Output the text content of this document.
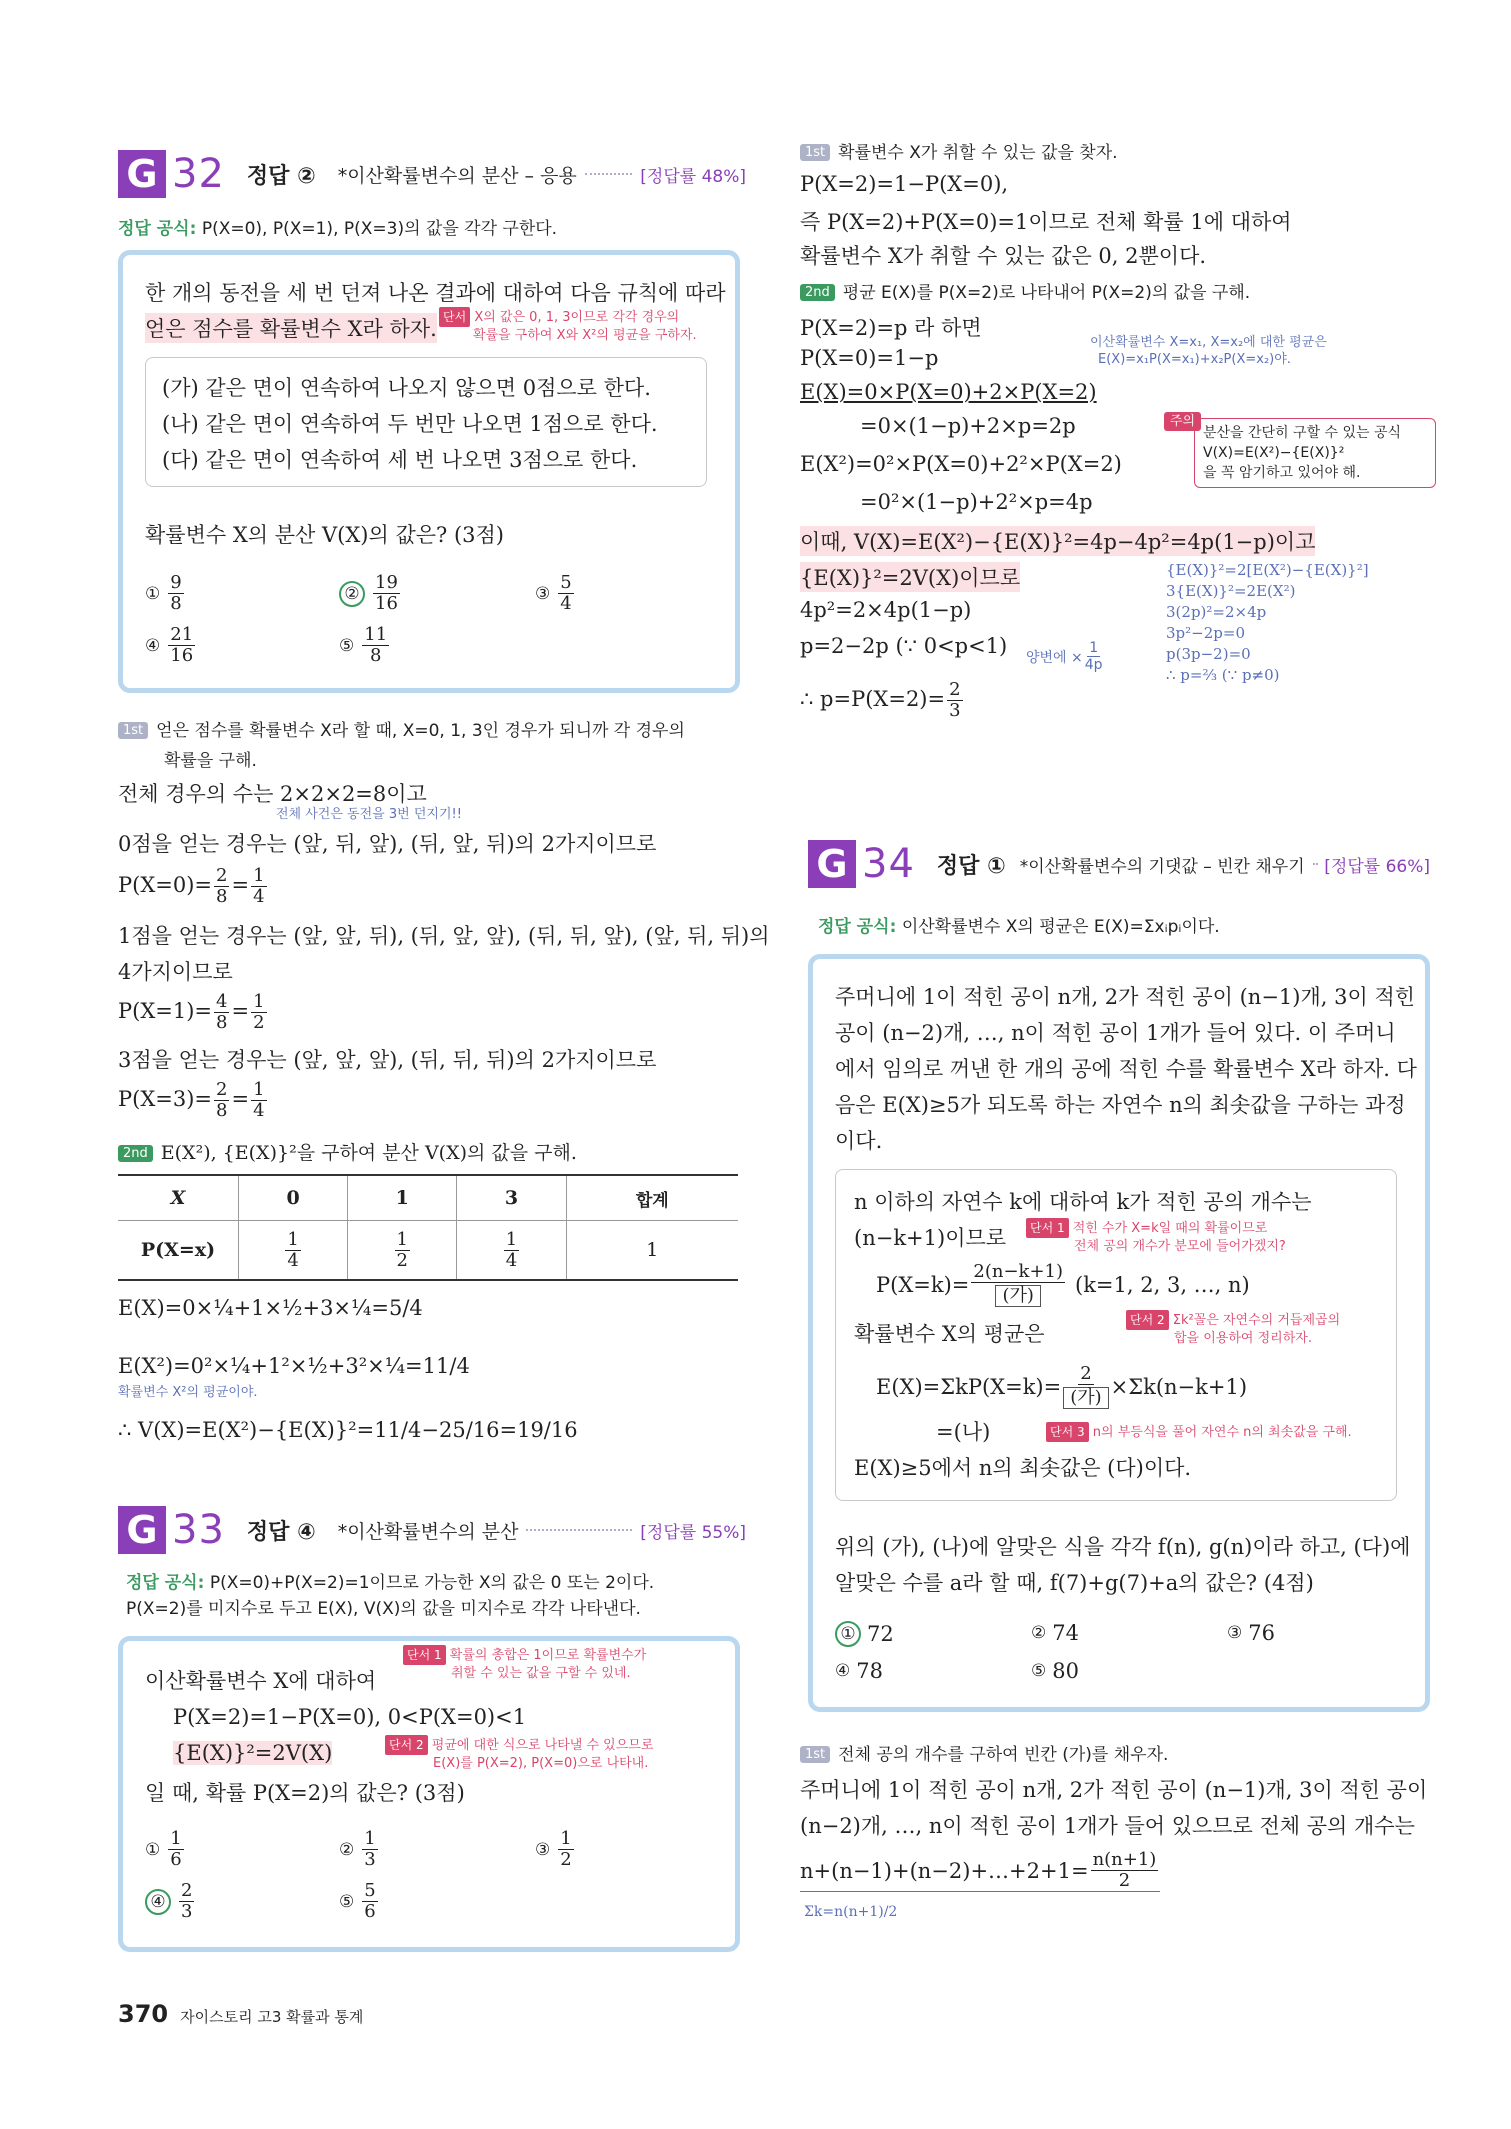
G 32 정답 ② *이산확률변수의 분산 – 응용	[정답률 48%]
정답 공식: P(X=0), P(X=1), P(X=3)의 값을 각각 구한다.
한 개의 동전을 세 번 던져 나온 결과에 대하여 다음 규칙에 따라
얻은 점수를 확률변수 X라 하자. 단서 X의 값은 0, 1, 3이므로 각각 경우의
확률을 구하여 X와 X²의 평균을 구하자.
(가) 같은 면이 연속하여 나오지 않으면 0점으로 한다.
(나) 같은 면이 연속하여 두 번만 나오면 1점으로 한다.
(다) 같은 면이 연속하여 세 번 나오면 3점으로 한다.
확률변수 X의 분산 V(X)의 값은? (3점)
① $\frac{9}{8}$	② $\frac{19}{16}$	③ $\frac{5}{4}$
④ $\frac{21}{16}$	⑤ $\frac{11}{8}$
1st 얻은 점수를 확률변수 X라 할 때, X=0, 1, 3인 경우가 되니까 각 경우의
확률을 구해.
전체 경우의 수는 2×2×2=8이고
전체 사건은 동전을 3번 던지기!!
0점을 얻는 경우는 (앞, 뒤, 앞), (뒤, 앞, 뒤)의 2가지이므로
$P(X=0)= \frac{2}{8} = \frac{1}{4}$
1점을 얻는 경우는 (앞, 앞, 뒤), (뒤, 앞, 앞), (뒤, 뒤, 앞), (앞, 뒤, 뒤)의
4가지이므로
$P(X=1)= \frac{4}{8} = \frac{1}{2}$
3점을 얻는 경우는 (앞, 앞, 앞), (뒤, 뒤, 뒤)의 2가지이므로
$P(X=3)= \frac{2}{8} = \frac{1}{4}$
2nd E(X²), {E(X)}²을 구하여 분산 V(X)의 값을 구해.
X	0	1	3	합계
P(X=x)	$\frac{1}{4}$	$\frac{1}{2}$	$\frac{1}{4}$	1
E(X)=0×¼+1×½+3×¼=5/4
E(X²)=0²×¼+1²×½+3²×¼=11/4
확률변수 X²의 평균이야.
∴ V(X)=E(X²)−{E(X)}²=11/4−25/16=19/16
G 33 정답 ④ *이산확률변수의 분산	[정답률 55%]
정답 공식: P(X=0)+P(X=2)=1이므로 가능한 X의 값은 0 또는 2이다.
P(X=2)를 미지수로 두고 E(X), V(X)의 값을 미지수로 각각 나타낸다.
이산확률변수 X에 대하여
단서 1 확률의 총합은 1이므로 확률변수가
취할 수 있는 값을 구할 수 있네.
P(X=2)=1−P(X=0), 0<P(X=0)<1
{E(X)}²=2V(X)	단서 2 평균에 대한 식으로 나타낼 수 있으므로
E(X)를 P(X=2), P(X=0)으로 나타내.
일 때, 확률 P(X=2)의 값은? (3점)
① $\frac{1}{6}$	② $\frac{1}{3}$	③ $\frac{1}{2}$
④ $\frac{2}{3}$	⑤ $\frac{5}{6}$
370 자이스토리 고3 확률과 통계
1st 확률변수 X가 취할 수 있는 값을 찾자.
P(X=2)=1−P(X=0),
즉 P(X=2)+P(X=0)=1이므로 전체 확률 1에 대하여
확률변수 X가 취할 수 있는 값은 0, 2뿐이다.
2nd 평균 E(X)를 P(X=2)로 나타내어 P(X=2)의 값을 구해.
P(X=2)=p 라 하면
P(X=0)=1−p
이산확률변수 X=x₁, X=x₂에 대한 평균은
E(X)=x₁P(X=x₁)+x₂P(X=x₂)야.
E(X)=0×P(X=0)+2×P(X=2)
=0×(1−p)+2×p=2p	주의
분산을 간단히 구할 수 있는 공식
V(X)=E(X²)−{E(X)}²
을 꼭 암기하고 있어야 해.
E(X²)=0²×P(X=0)+2²×P(X=2)
=0²×(1−p)+2²×p=4p
이때, V(X)=E(X²)−{E(X)}²=4p−4p²=4p(1−p)이고
{E(X)}²=2V(X)이므로
4p²=2×4p(1−p)
p=2−2p (∵ 0<p<1) 양변에 × $\frac{1}{4p}$
∴ $p=P(X=2)= \frac{2}{3}$
{E(X)}²=2[E(X²)−{E(X)}²]
3{E(X)}²=2E(X²)
3(2p)²=2×4p
3p²−2p=0
p(3p−2)=0
∴ p=⅔ (∵ p≠0)
G 34 정답 ① *이산확률변수의 기댓값 – 빈칸 채우기 [정답률 66%]
정답 공식: 이산확률변수 X의 평균은 E(X)=Σxᵢpᵢ이다.
주머니에 1이 적힌 공이 n개, 2가 적힌 공이 (n−1)개, 3이 적힌
공이 (n−2)개, …, n이 적힌 공이 1개가 들어 있다. 이 주머니
에서 임의로 꺼낸 한 개의 공에 적힌 수를 확률변수 X라 하자. 다
음은 E(X)≥5가 되도록 하는 자연수 n의 최솟값을 구하는 과정
이다.
n 이하의 자연수 k에 대하여 k가 적힌 공의 개수는
(n−k+1)이므로	단서 1 적힌 수가 X=k일 때의 확률이므로
전체 공의 개수가 분모에 들어가겠지?
$P(X=k)= \frac{2(n-k+1)}{\text{(가)}} (k=1$, 2, 3, …, n)
단서 2 Σk²꼴은 자연수의 거듭제곱의
합을 이용하여 정리하자.
확률변수 X의 평균은
$E(X)=\Sigma kP(X=k)= \frac{2}{\text{(가)}} \times\Sigma k(n-k+1)$
=(나)	단서 3 n의 부등식을 풀어 자연수 n의 최솟값을 구해.
E(X)≥5에서 n의 최솟값은 (다)이다.
위의 (가), (나)에 알맞은 식을 각각 f(n), g(n)이라 하고, (다)에
알맞은 수를 a라 할 때, f(7)+g(7)+a의 값은? (4점)
① 72	② 74	③ 76
④ 78	⑤ 80
1st 전체 공의 개수를 구하여 빈칸 (가)를 채우자.
주머니에 1이 적힌 공이 n개, 2가 적힌 공이 (n−1)개, 3이 적힌 공이
(n−2)개, …, n이 적힌 공이 1개가 들어 있으므로 전체 공의 개수는
n+(n−1)+(n−2)+…+2+1= $\frac{n(n+1)}{2}$
Σk=n(n+1)/2
